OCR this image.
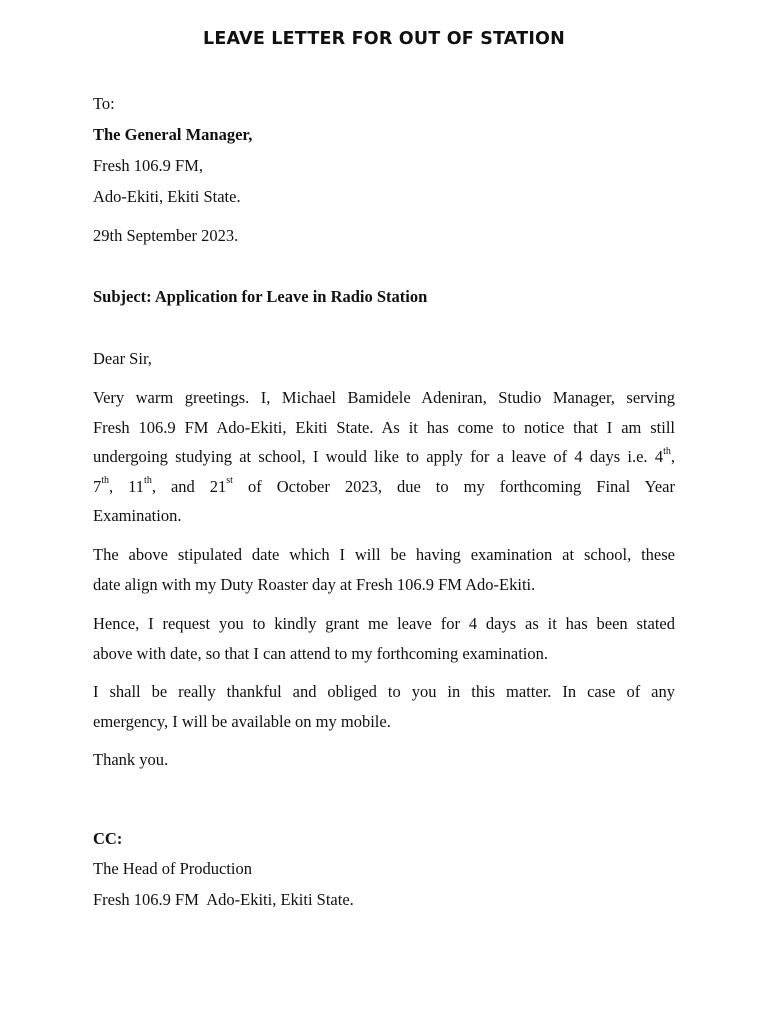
LEAVE LETTER FOR OUT OF STATION
To:
The General Manager,
Fresh 106.9 FM,
Ado-Ekiti, Ekiti State.
29th September 2023.
Subject: Application for Leave in Radio Station
Dear Sir,
Very warm greetings. I, Michael Bamidele Adeniran, Studio Manager, serving
Fresh 106.9 FM Ado-Ekiti, Ekiti State. As it has come to notice that I am still
undergoing studying at school, I would like to apply for a leave of 4 days i.e. 4th,
7th, 11th, and 21st of October 2023, due to my forthcoming Final Year
Examination.
The above stipulated date which I will be having examination at school, these
date align with my Duty Roaster day at Fresh 106.9 FM Ado-Ekiti.
Hence, I request you to kindly grant me leave for 4 days as it has been stated
above with date, so that I can attend to my forthcoming examination.
I shall be really thankful and obliged to you in this matter. In case of any
emergency, I will be available on my mobile.
Thank you.
CC:
The Head of Production
Fresh 106.9 FM  Ado-Ekiti, Ekiti State.
